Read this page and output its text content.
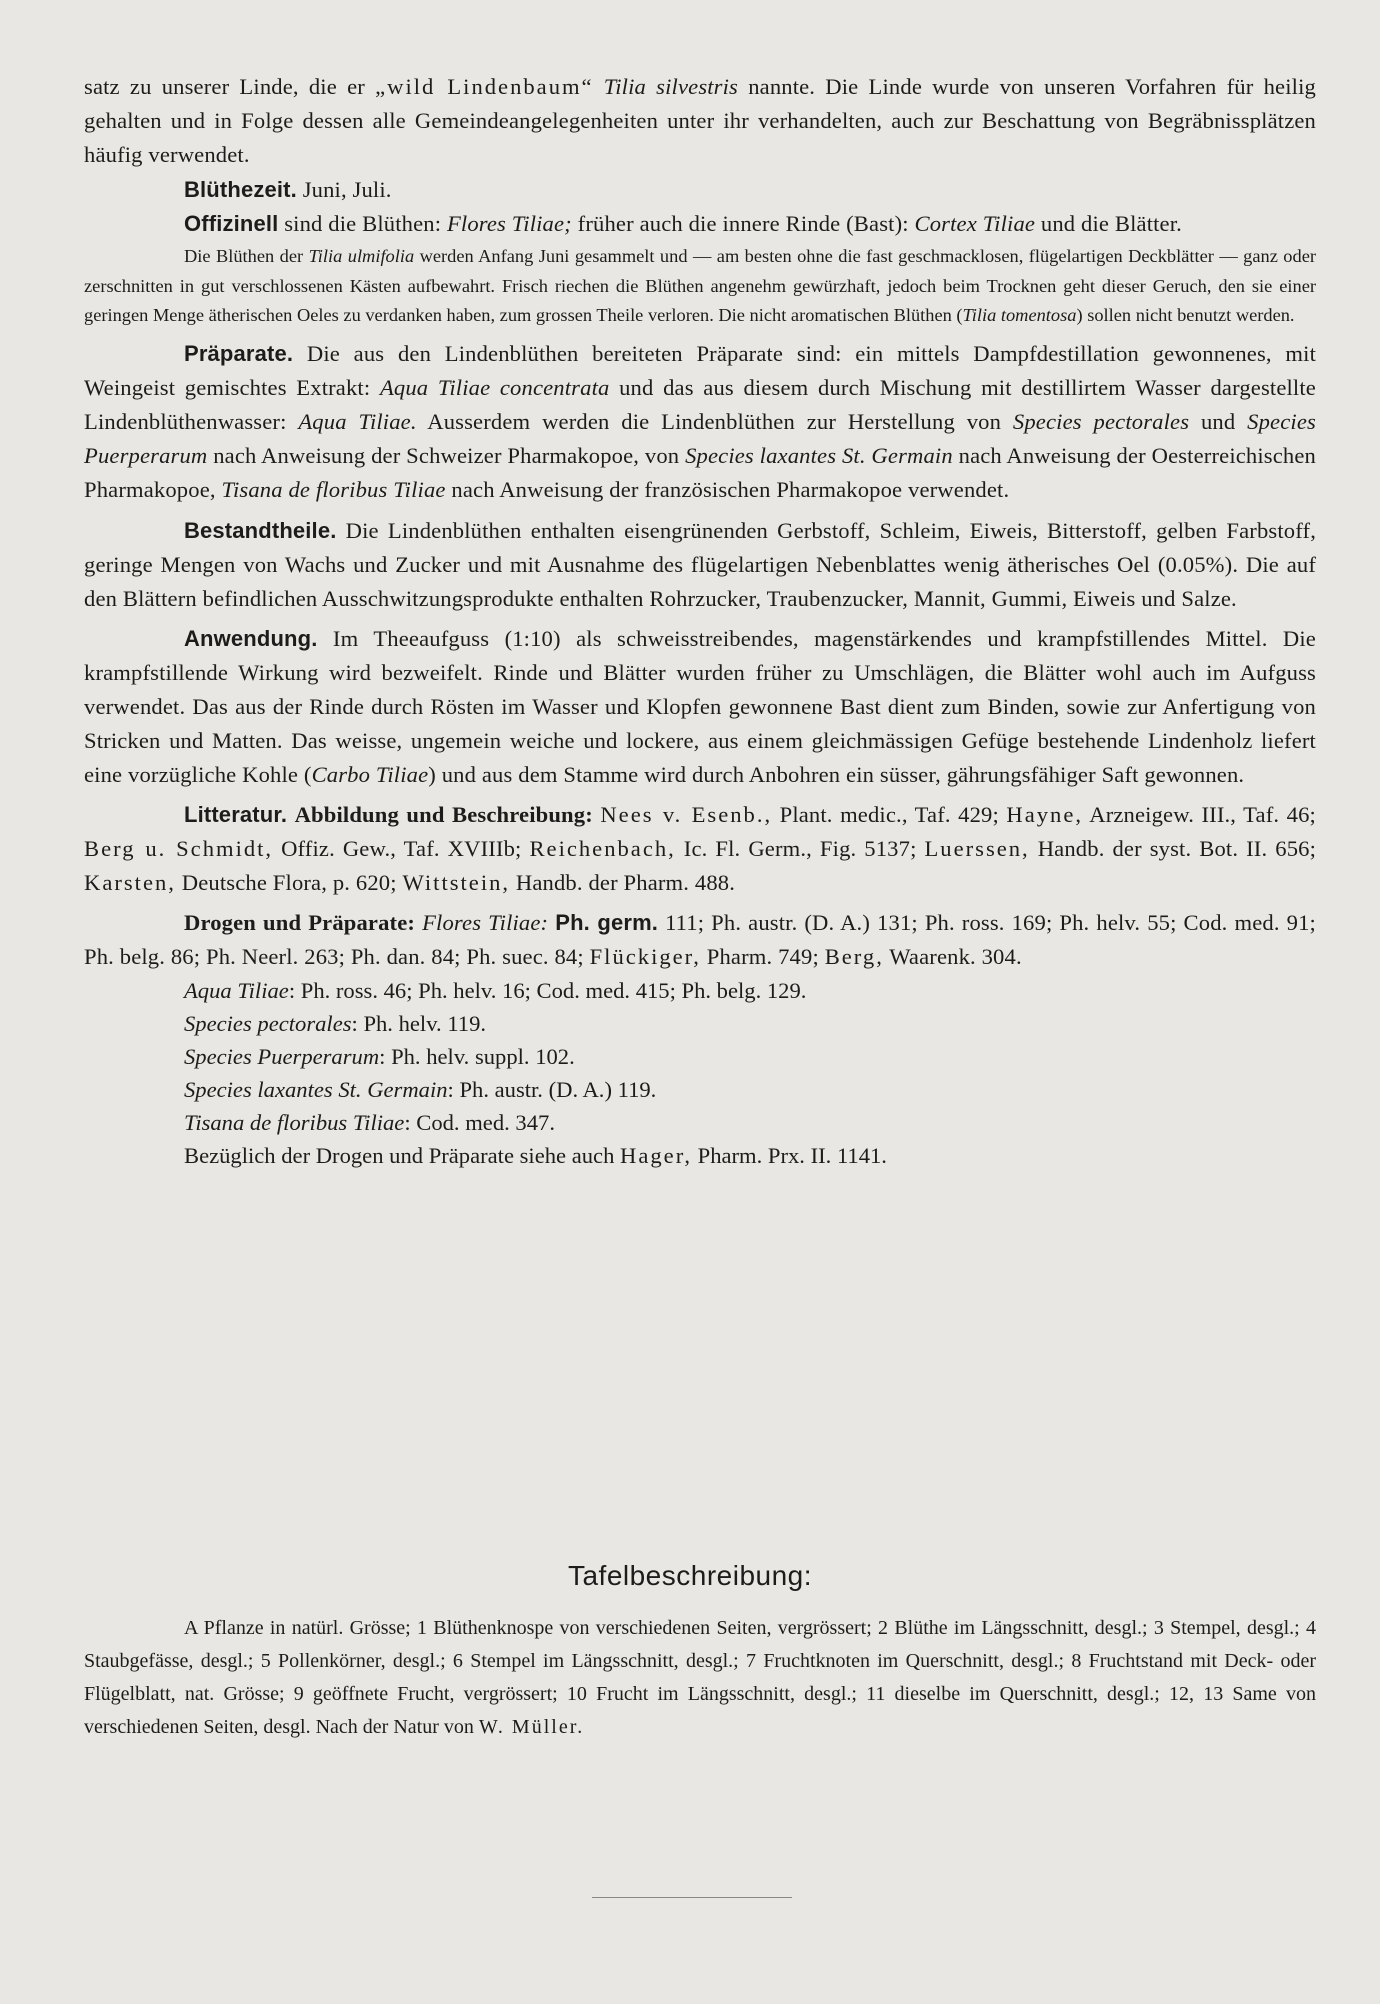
satz zu unserer Linde, die er „wild Lindenbaum“ Tilia silvestris nannte. Die Linde wurde von unseren Vorfahren für heilig gehalten und in Folge dessen alle Gemeindeangelegenheiten unter ihr verhandelten, auch zur Beschattung von Begräbnissplätzen häufig verwendet.

Blüthezeit. Juni, Juli.

Offizinell sind die Blüthen: Flores Tiliae; früher auch die innere Rinde (Bast): Cortex Tiliae und die Blätter.

Die Blüthen der Tilia ulmifolia werden Anfang Juni gesammelt und — am besten ohne die fast geschmacklosen, flügelartigen Deckblätter — ganz oder zerschnitten in gut verschlossenen Kästen aufbewahrt. Frisch riechen die Blüthen angenehm gewürzhaft, jedoch beim Trocknen geht dieser Geruch, den sie einer geringen Menge ätherischen Oeles zu verdanken haben, zum grossen Theile verloren. Die nicht aromatischen Blüthen (Tilia tomentosa) sollen nicht benutzt werden.

Präparate. Die aus den Lindenblüthen bereiteten Präparate sind: ein mittels Dampfdestillation gewonnenes, mit Weingeist gemischtes Extrakt: Aqua Tiliae concentrata und das aus diesem durch Mischung mit destillirtem Wasser dargestellte Lindenblüthenwasser: Aqua Tiliae. Ausserdem werden die Lindenblüthen zur Herstellung von Species pectorales und Species Puerperarum nach Anweisung der Schweizer Pharmakopoe, von Species laxantes St. Germain nach Anweisung der Oesterreichischen Pharmakopoe, Tisana de floribus Tiliae nach Anweisung der französischen Pharmakopoe verwendet.

Bestandtheile. Die Lindenblüthen enthalten eisengrünenden Gerbstoff, Schleim, Eiweis, Bitterstoff, gelben Farbstoff, geringe Mengen von Wachs und Zucker und mit Ausnahme des flügelartigen Nebenblattes wenig ätherisches Oel (0.05%). Die auf den Blättern befindlichen Ausschwitzungsprodukte enthalten Rohrzucker, Traubenzucker, Mannit, Gummi, Eiweis und Salze.

Anwendung. Im Theeaufguss (1:10) als schweisstreibendes, magenstärkendes und krampfstillendes Mittel. Die krampfstillende Wirkung wird bezweifelt. Rinde und Blätter wurden früher zu Umschlägen, die Blätter wohl auch im Aufguss verwendet. Das aus der Rinde durch Rösten im Wasser und Klopfen gewonnene Bast dient zum Binden, sowie zur Anfertigung von Stricken und Matten. Das weisse, ungemein weiche und lockere, aus einem gleichmässigen Gefüge bestehende Lindenholz liefert eine vorzügliche Kohle (Carbo Tiliae) und aus dem Stamme wird durch Anbohren ein süsser, gährungsfähiger Saft gewonnen.

Litteratur. Abbildung und Beschreibung: Nees v. Esenb., Plant. medic., Taf. 429; Hayne, Arzneigew. III., Taf. 46; Berg u. Schmidt, Offiz. Gew., Taf. XVIIIb; Reichenbach, Ic. Fl. Germ., Fig. 5137; Luerssen, Handb. der syst. Bot. II. 656; Karsten, Deutsche Flora, p. 620; Wittstein, Handb. der Pharm. 488.

Drogen und Präparate: Flores Tiliae: Ph. germ. 111; Ph. austr. (D. A.) 131; Ph. ross. 169; Ph. helv. 55; Cod. med. 91; Ph. belg. 86; Ph. Neerl. 263; Ph. dan. 84; Ph. suec. 84; Flückiger, Pharm. 749; Berg, Waarenk. 304.

Aqua Tiliae: Ph. ross. 46; Ph. helv. 16; Cod. med. 415; Ph. belg. 129.
Species pectorales: Ph. helv. 119.
Species Puerperarum: Ph. helv. suppl. 102.
Species laxantes St. Germain: Ph. austr. (D. A.) 119.
Tisana de floribus Tiliae: Cod. med. 347.
Bezüglich der Drogen und Präparate siehe auch Hager, Pharm. Prx. II. 1141.
Tafelbeschreibung:

A Pflanze in natürl. Grösse; 1 Blüthenknospe von verschiedenen Seiten, vergrössert; 2 Blüthe im Längsschnitt, desgl.; 3 Stempel, desgl.; 4 Staubgefässe, desgl.; 5 Pollenkörner, desgl.; 6 Stempel im Längsschnitt, desgl.; 7 Fruchtknoten im Querschnitt, desgl.; 8 Fruchtstand mit Deck- oder Flügelblatt, nat. Grösse; 9 geöffnete Frucht, vergrössert; 10 Frucht im Längsschnitt, desgl.; 11 dieselbe im Querschnitt, desgl.; 12, 13 Same von verschiedenen Seiten, desgl. Nach der Natur von W. Müller.
